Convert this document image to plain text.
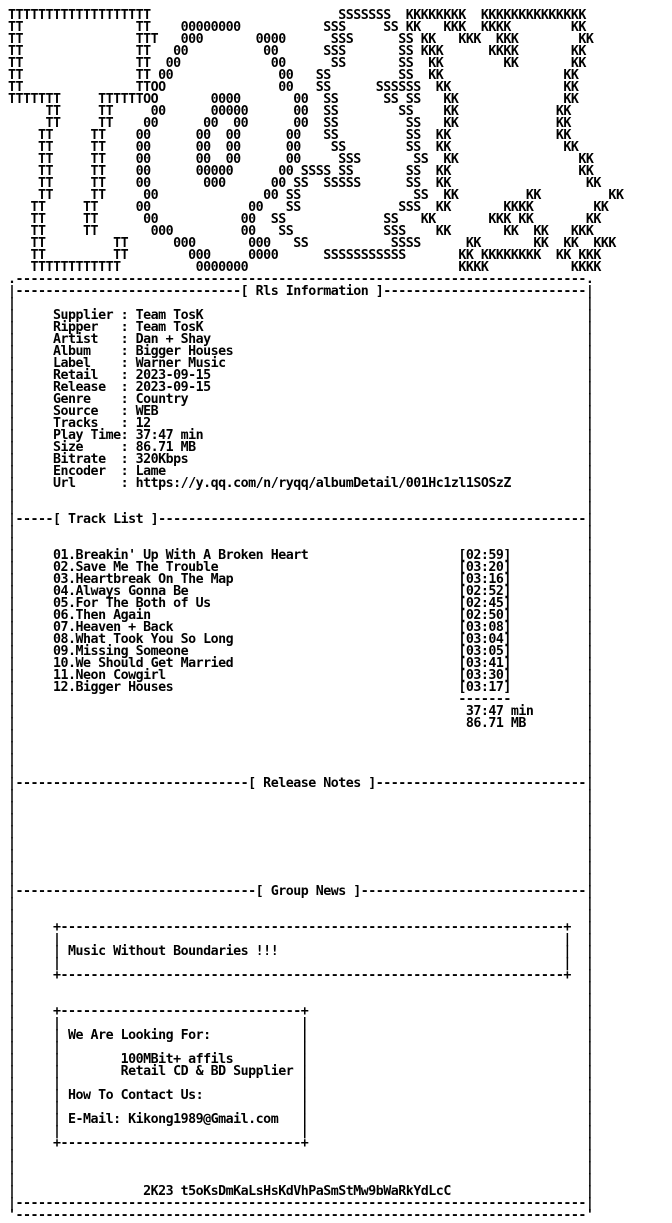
TTTTTTTTTTTTTTTTTTT                         SSSSSSS  KKKKKKKK  KKKKKKKKKKKKKK
TT               TT    00000000           SSS     SS KK   KKK  KKKK        KK
TT               TTT   000       0000      SSS      SS KK   KKK  KKK        KK
TT               TT   00          00      SSS       SS KKK      KKKK       KK
TT               TT  00            00      SS       SS  KK        KK       KK
TT               TT 00              00   SS         SS  KK                KK
TT               TTOO               00   SS      SSSSSS  KK               KK
TTTTTTT     TTTTTTOO       0000       00  SS      SS SS   KK              KK
TT     TT     00      00000      00  SS        SS    KK             KK
TT     TT    00      00  00      00  SS         SS   KK             KK
TT     TT    00      00  00      00   SS         SS  KK              KK
TT     TT    00      00  00      00    SS        SS  KK               KK
TT     TT    00      00  00      00     SSS       SS  KK                KK
TT     TT    00      00000      00 SSSS SS       SS  KK                 KK
TT     TT    00       000      00 SS  SSSSS      SS  KK                  KK
TT     TT     00              00 SS               SS  KK         KK         KK
TT     TT     00             00   SS             SSS  KK       KKKK        KK
TT     TT      00           00  SS             SS   KK       KKK KK       KK
TT     TT       000         00   SS            SSS    KK       KK  KK   KKK
TT         TT      000       000   SS           SSSS      KK       KK  KK  KKK
TT         TT        000     0000      SSSSSSSSSSS       KK KKKKKKKK  KK KKK
TTTTTTTTTTTT          0000000                            KKKK           KKKK
.----------------------------------------------------------------------------.
|------------------------------[ Rls Information ]---------------------------|
|                                                                            |
|     Supplier : Team TosK                                                   |
|     Ripper   : Team TosK                                                   |
|     Artist   : Dan + Shay                                                  |
|     Album    : Bigger Houses                                               |
|     Label    : Warner Music                                                |
|     Retail   : 2023-09-15                                                  |
|     Release  : 2023-09-15                                                  |
|     Genre    : Country                                                     |
|     Source   : WEB                                                         |
|     Tracks   : 12                                                          |
|     Play Time: 37:47 min                                                   |
|     Size     : 86.71 MB                                                    |
|     Bitrate  : 320Kbps                                                     |
|     Encoder  : Lame                                                        |
|     Url      : https://y.qq.com/n/ryqq/albumDetail/001Hc1zl1SOSzZ          |
|                                                                            |
|                                                                            |
|-----[ Track List ]---------------------------------------------------------|
|                                                                            |
|                                                                            |
|     01.Breakin' Up With A Broken Heart                    [02:59]          |
|     02.Save Me The Trouble                                [03:20]          |
|     03.Heartbreak On The Map                              [03:16]          |
|     04.Always Gonna Be                                    [02:52]          |
|     05.For The Both of Us                                 [02:45]          |
|     06.Then Again                                         [02:50]          |
|     07.Heaven + Back                                      [03:08]          |
|     08.What Took You So Long                              [03:04]          |
|     09.Missing Someone                                    [03:05]          |
|     10.We Should Get Married                              [03:41]          |
|     11.Neon Cowgirl                                       [03:30]          |
|     12.Bigger Houses                                      [03:17]          |
|                                                           -------          |
|                                                            37:47 min       |
|                                                            86.71 MB        |
|                                                                            |
|                                                                            |
|                                                                            |
|                                                                            |
|-------------------------------[ Release Notes ]----------------------------|
|                                                                            |
|                                                                            |
|                                                                            |
|                                                                            |
|                                                                            |
|                                                                            |
|                                                                            |
|                                                                            |
|--------------------------------[ Group News ]------------------------------|
|                                                                            |
|                                                                            |
|     +-------------------------------------------------------------------+  |
|     |                                                                   |  |
|     | Music Without Boundaries !!!                                      |  |
|     |                                                                   |  |
|     +-------------------------------------------------------------------+  |
|                                                                            |
|                                                                            |
|     +--------------------------------+                                     |
|     |                                |                                     |
|     | We Are Looking For:            |                                     |
|     |                                |                                     |
|     |        100MBit+ affils         |                                     |
|     |        Retail CD & BD Supplier |                                     |
|     |                                |                                     |
|     | How To Contact Us:             |                                     |
|     |                                |                                     |
|     | E-Mail: Kikong1989@Gmail.com   |                                     |
|     |                                |                                     |
|     +--------------------------------+                                     |
|                                                                            |
|                                                                            |
|                                                                            |
|                 2K23 t5oKsDmKaLsHsKdVhPaSmStMw9bWaRkYdLcC                  |
|----------------------------------------------------------------------------|
'----------------------------------------------------------------------------'
